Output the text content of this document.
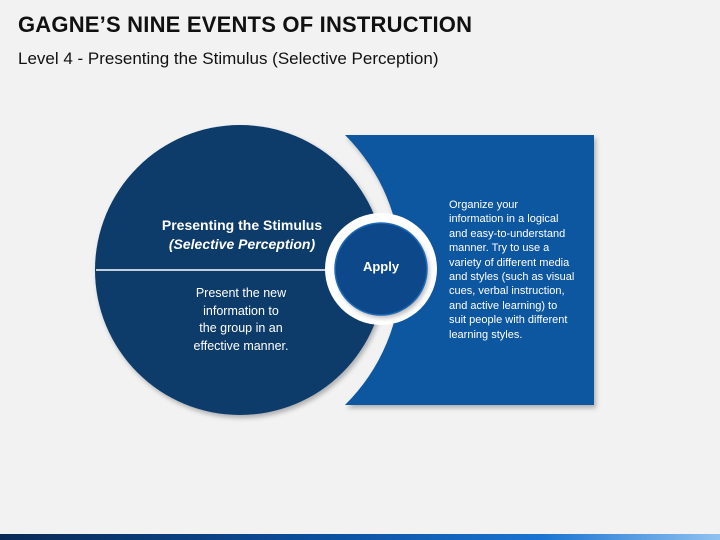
GAGNE’S NINE EVENTS OF INSTRUCTION
Level 4 - Presenting the Stimulus (Selective Perception)
Presenting the Stimulus
(Selective Perception)
Present the new
information to
the group in an
effective manner.
Apply
Organize your
information in a logical
and easy-to-understand
manner. Try to use a
variety of different media
and styles (such as visual
cues, verbal instruction,
and active learning) to
suit people with different
learning styles.
